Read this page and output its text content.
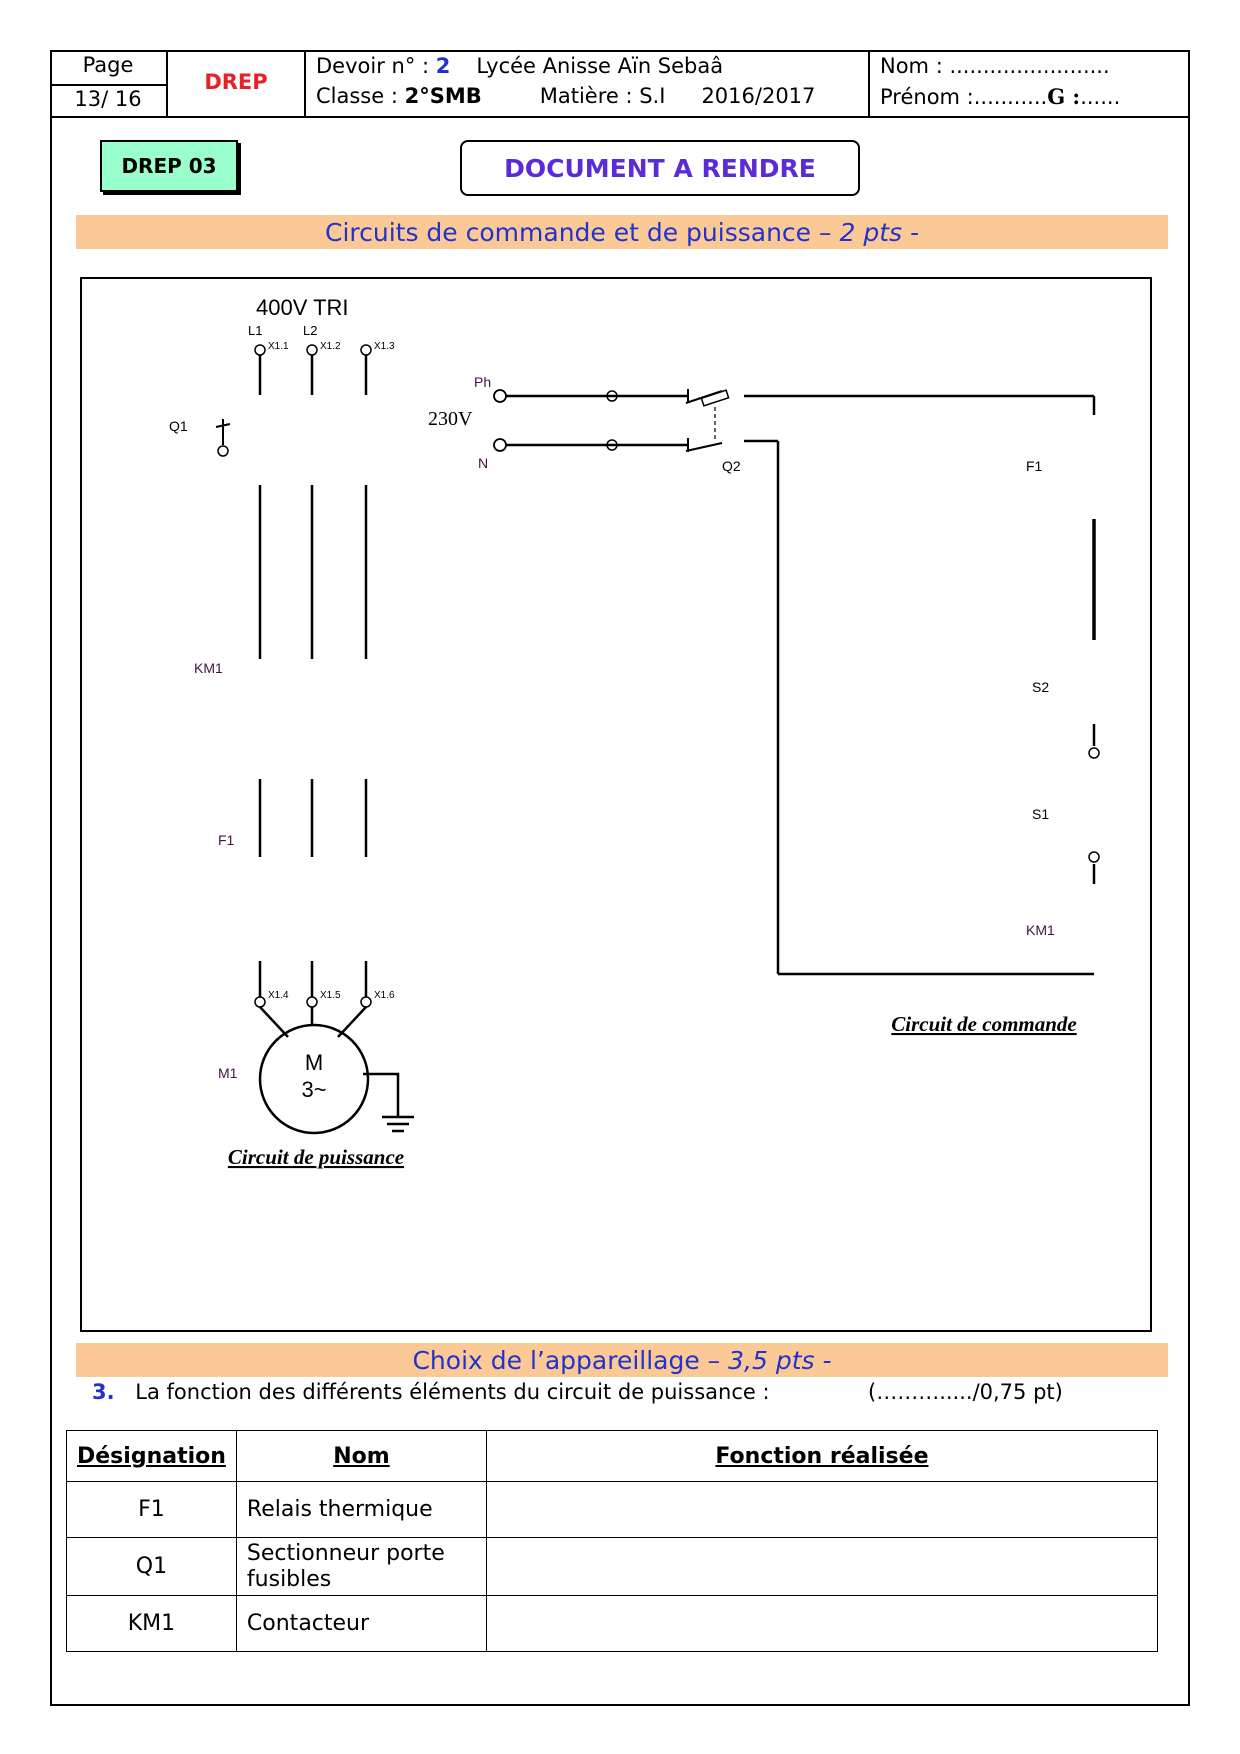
Page
13/ 16
DREP
Devoir n° : 2 Lycée Anisse Aïn Sebaâ
Classe : 2°SMB	Matière : S.I 2016/2017
Nom : ........................
Prénom :...........G :......
DREP 03	DOCUMENT A RENDRE
Circuits de commande et de puissance –
2 pts -
400V TRI
L1	L2
X1.1	X1.2	X1.3
X1.4	X1.5	X1.6
Q1
KM1
F1
M1	M
3~
Circuit de puissance
Ph
N
230V
Q2	F1
S2
S1
KM1
Circuit de commande
Choix de l’appareillage –
3,5 pts -
3. La fonction des différents éléments du circuit de puissance :	(………...../0,75 pt)
Désignation	Nom	Fonction réalisée
F1	Relais thermique	
Q1	Sectionneur porte fusibles	
KM1	Contacteur	
